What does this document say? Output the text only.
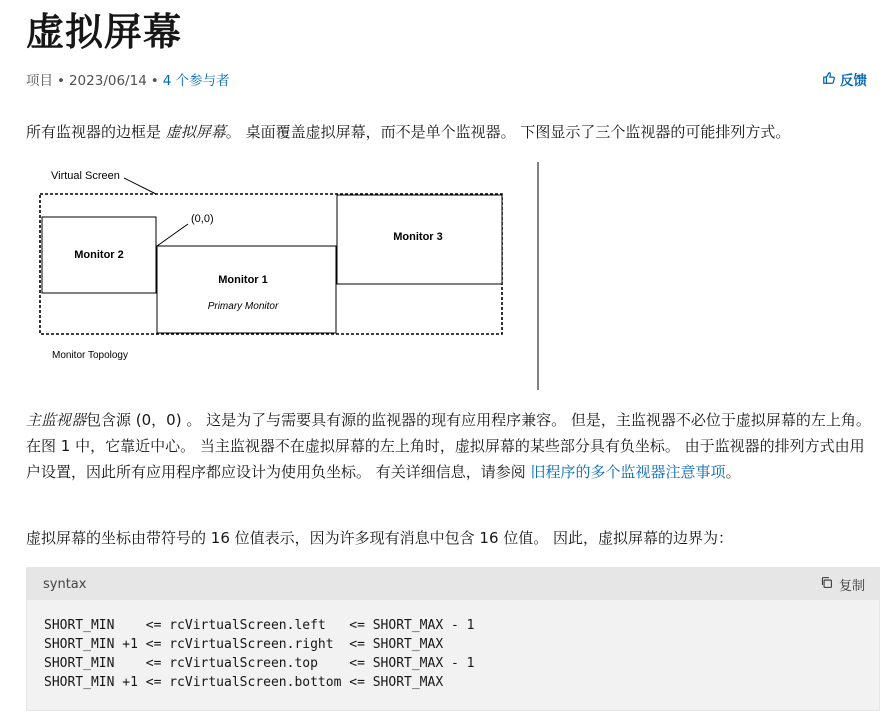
虚拟屏幕
项目 • 2023/06/14 • 4 个参与者	反馈

所有监视器的边框是 虚拟屏幕。 桌面覆盖虚拟屏幕，而不是单个监视器。 下图显示了三个监视器的可能排列方式。

Virtual Screen
Monitor 2
Monitor 1
Primary Monitor
(0,0)
Monitor 3
Monitor Topology

主监视器包含源 (0，0) 。 这是为了与需要具有源的监视器的现有应用程序兼容。 但是，主监视器不必位于虚拟屏幕的左上角。 在图 1 中，它靠近中心。 当主监视器不在虚拟屏幕的左上角时，虚拟屏幕的某些部分具有负坐标。 由于监视器的排列方式由用户设置，因此所有应用程序都应设计为使用负坐标。 有关详细信息，请参阅 旧程序的多个监视器注意事项。

虚拟屏幕的坐标由带符号的 16 位值表示，因为许多现有消息中包含 16 位值。 因此，虚拟屏幕的边界为：

syntax	复制
SHORT_MIN    <= rcVirtualScreen.left   <= SHORT_MAX - 1
SHORT_MIN +1 <= rcVirtualScreen.right  <= SHORT_MAX
SHORT_MIN    <= rcVirtualScreen.top    <= SHORT_MAX - 1
SHORT_MIN +1 <= rcVirtualScreen.bottom <= SHORT_MAX
